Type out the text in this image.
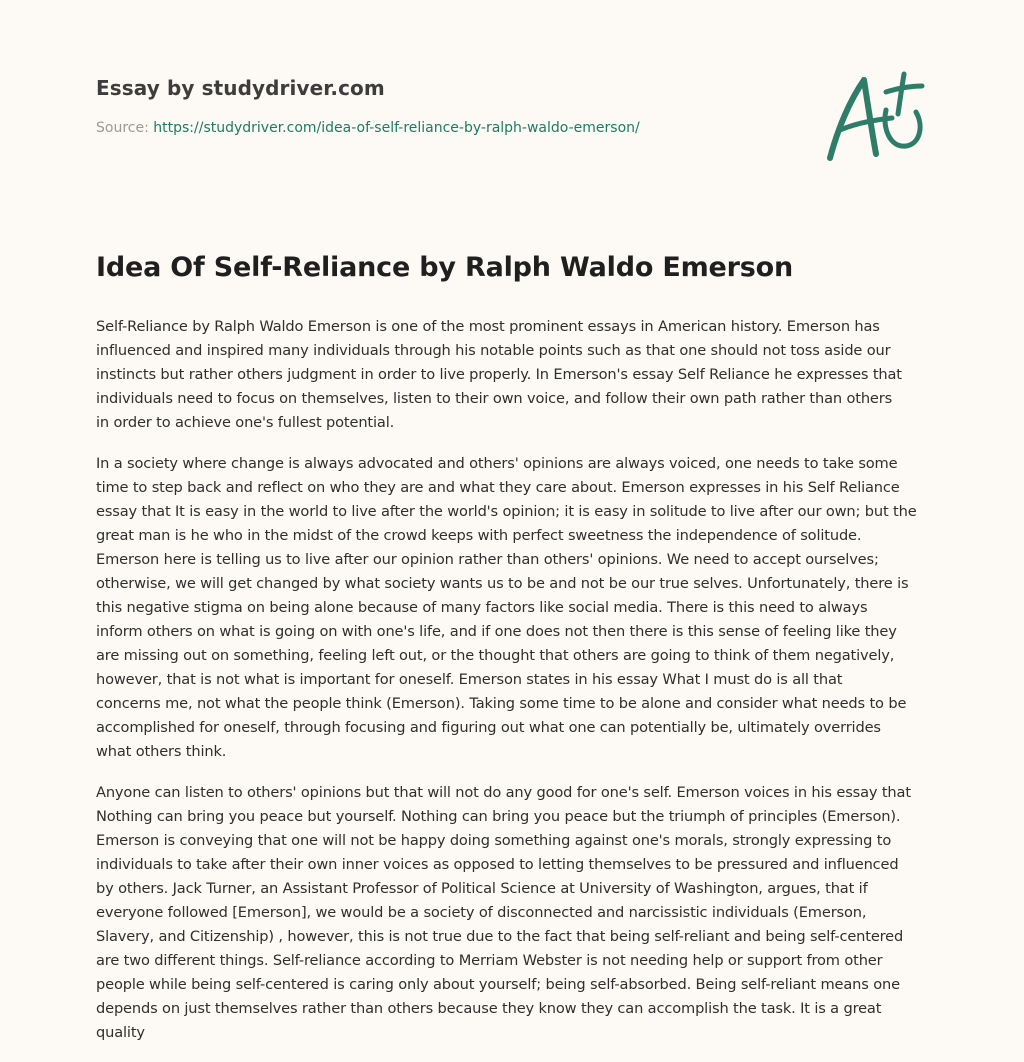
Essay by studydriver.com
Source: https://studydriver.com/idea-of-self-reliance-by-ralph-waldo-emerson/
Idea Of Self-Reliance by Ralph Waldo Emerson

Self-Reliance by Ralph Waldo Emerson is one of the most prominent essays in American history. Emerson has
influenced and inspired many individuals through his notable points such as that one should not toss aside our
instincts but rather others judgment in order to live properly. In Emerson's essay Self Reliance he expresses that
individuals need to focus on themselves, listen to their own voice, and follow their own path rather than others
in order to achieve one's fullest potential.

In a society where change is always advocated and others' opinions are always voiced, one needs to take some
time to step back and reflect on who they are and what they care about. Emerson expresses in his Self Reliance
essay that It is easy in the world to live after the world's opinion; it is easy in solitude to live after our own; but the
great man is he who in the midst of the crowd keeps with perfect sweetness the independence of solitude.
Emerson here is telling us to live after our opinion rather than others' opinions. We need to accept ourselves;
otherwise, we will get changed by what society wants us to be and not be our true selves. Unfortunately, there is
this negative stigma on being alone because of many factors like social media. There is this need to always
inform others on what is going on with one's life, and if one does not then there is this sense of feeling like they
are missing out on something, feeling left out, or the thought that others are going to think of them negatively,
however, that is not what is important for oneself. Emerson states in his essay What I must do is all that
concerns me, not what the people think (Emerson). Taking some time to be alone and consider what needs to be
accomplished for oneself, through focusing and figuring out what one can potentially be, ultimately overrides
what others think.

Anyone can listen to others' opinions but that will not do any good for one's self. Emerson voices in his essay that
Nothing can bring you peace but yourself. Nothing can bring you peace but the triumph of principles (Emerson).
Emerson is conveying that one will not be happy doing something against one's morals, strongly expressing to
individuals to take after their own inner voices as opposed to letting themselves to be pressured and influenced
by others. Jack Turner, an Assistant Professor of Political Science at University of Washington, argues, that if
everyone followed [Emerson], we would be a society of disconnected and narcissistic individuals (Emerson,
Slavery, and Citizenship) , however, this is not true due to the fact that being self-reliant and being self-centered
are two different things. Self-reliance according to Merriam Webster is not needing help or support from other
people while being self-centered is caring only about yourself; being self-absorbed. Being self-reliant means one
depends on just themselves rather than others because they know they can accomplish the task. It is a great
quality
